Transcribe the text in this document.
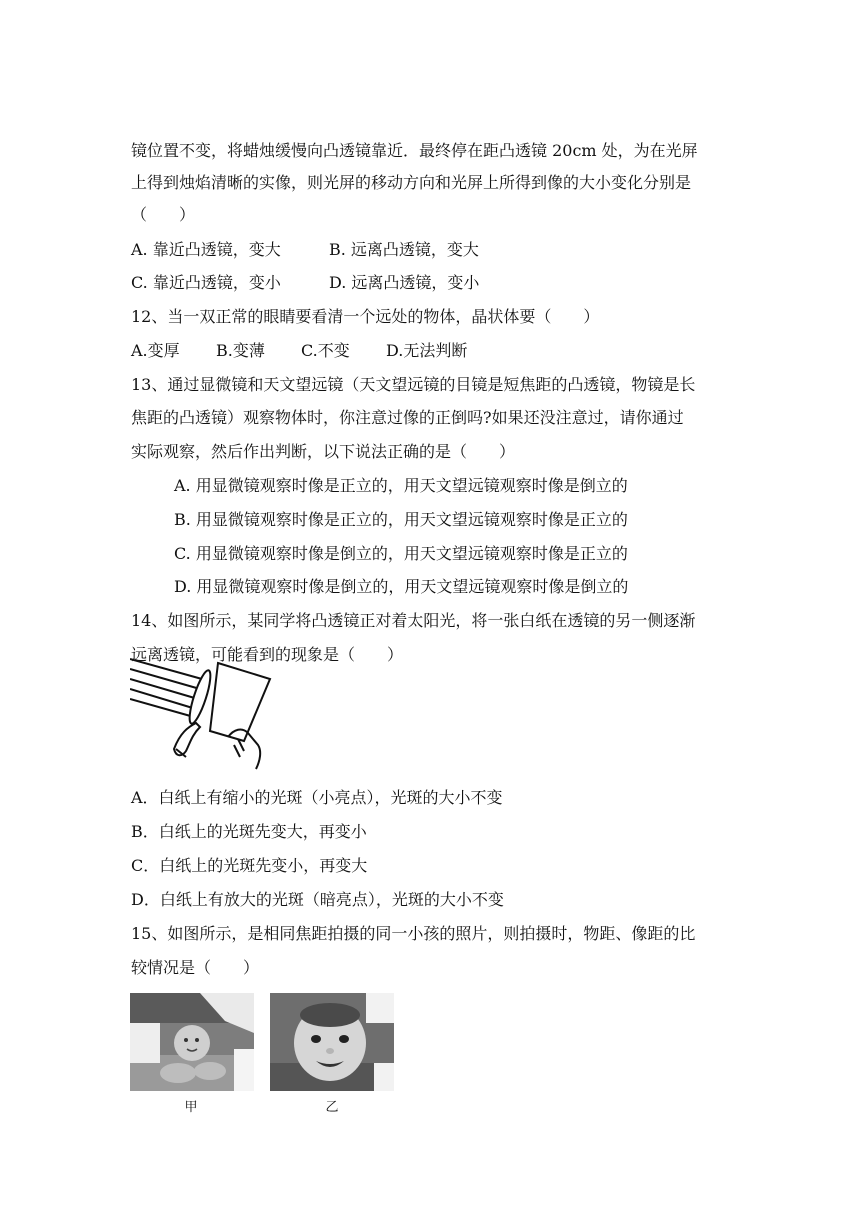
镜位置不变，将蜡烛缓慢向凸透镜靠近．最终停在距凸透镜 20cm 处，为在光屏
上得到烛焰清晰的实像，则光屏的移动方向和光屏上所得到像的大小变化分别是
（　　）
A. 靠近凸透镜，变大	B. 远离凸透镜，变大
C. 靠近凸透镜，变小	D. 远离凸透镜，变小
12、当一双正常的眼睛要看清一个远处的物体，晶状体要（　　）
A.变厚 B.变薄 C.不变 D.无法判断
13、通过显微镜和天文望远镜（天文望远镜的目镜是短焦距的凸透镜，物镜是长
焦距的凸透镜）观察物体时，你注意过像的正倒吗?如果还没注意过，请你通过
实际观察，然后作出判断，以下说法正确的是（　　）
A. 用显微镜观察时像是正立的，用天文望远镜观察时像是倒立的
B. 用显微镜观察时像是正立的，用天文望远镜观察时像是正立的
C. 用显微镜观察时像是倒立的，用天文望远镜观察时像是正立的
D. 用显微镜观察时像是倒立的，用天文望远镜观察时像是倒立的
14、如图所示，某同学将凸透镜正对着太阳光，将一张白纸在透镜的另一侧逐渐
远离透镜，可能看到的现象是（　　）
A．白纸上有缩小的光斑（小亮点），光斑的大小不变
B．白纸上的光斑先变大，再变小
C．白纸上的光斑先变小，再变大
D．白纸上有放大的光斑（暗亮点），光斑的大小不变
15、如图所示，是相同焦距拍摄的同一小孩的照片，则拍摄时，物距、像距的比
较情况是（　　）
甲	乙
